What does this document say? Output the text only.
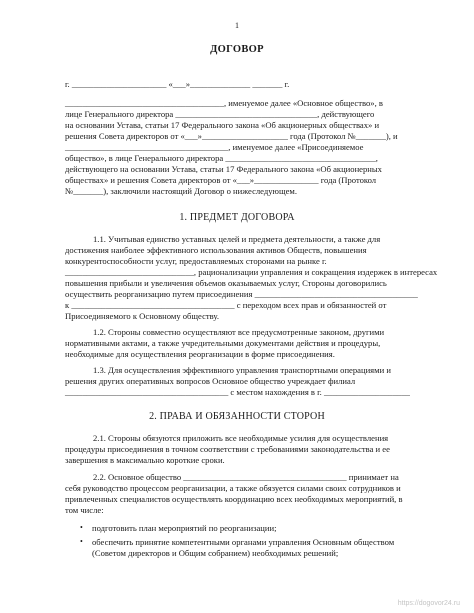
1
ДОГОВОР
г. ______________________ «___»______________ _______ г.
_____________________________________, именуемое далее «Основное общество», в
лице Генерального директора _________________________________, действующего
на основании Устава, статьи 17 Федерального закона «Об акционерных обществах» и
решения Совета директоров от «___»____________________ года (Протокол №_______), и
______________________________________, именуемое далее «Присоединяемое
общество», в лице Генерального директора ___________________________________,
действующего на основании Устава, статьи 17 Федерального закона «Об акционерных
обществах» и решения Совета директоров от «___»_______________ года (Протокол
№_______), заключили настоящий Договор о нижеследующем.
1. ПРЕДМЕТ ДОГОВОРА
1.1. Учитывая единство уставных целей и предмета деятельности, а также для
достижения наиболее эффективного использования активов Обществ, повышения
конкурентоспособности услуг, предоставляемых сторонами на рынке г.
______________________________, рационализации управления и сокращения издержек в интересах
повышения прибыли и увеличения объемов оказываемых услуг, Стороны договорились
осуществить реорганизацию путем присоединения ______________________________________
к ______________________________________ с переходом всех прав и обязанностей от
Присоединяемого к Основному обществу.
1.2. Стороны совместно осуществляют все предусмотренные законом, другими
нормативными актами, а также учредительными документами действия и процедуры,
необходимые для осуществления реорганизации в форме присоединения.
1.3. Для осуществления эффективного управления транспортными операциями и
решения других оперативных вопросов Основное общество учреждает филиал
______________________________________ с местом нахождения в г. ____________________
2. ПРАВА И ОБЯЗАННОСТИ СТОРОН
2.1. Стороны обязуются приложить все необходимые усилия для осуществления
процедуры присоединения в точном соответствии с требованиями законодательства и ее
завершения в максимально короткие сроки.
2.2. Основное общество ______________________________________ принимает на
себя руководство процессом реорганизации, а также обязуется силами своих сотрудников и
привлеченных специалистов осуществлять координацию всех необходимых мероприятий, в
том числе:
• подготовить план мероприятий по реорганизации;
• обеспечить принятие компетентными органами управления Основным обществом
(Советом директоров и Общим собранием) необходимых решений;
https://dogovor24.ru
